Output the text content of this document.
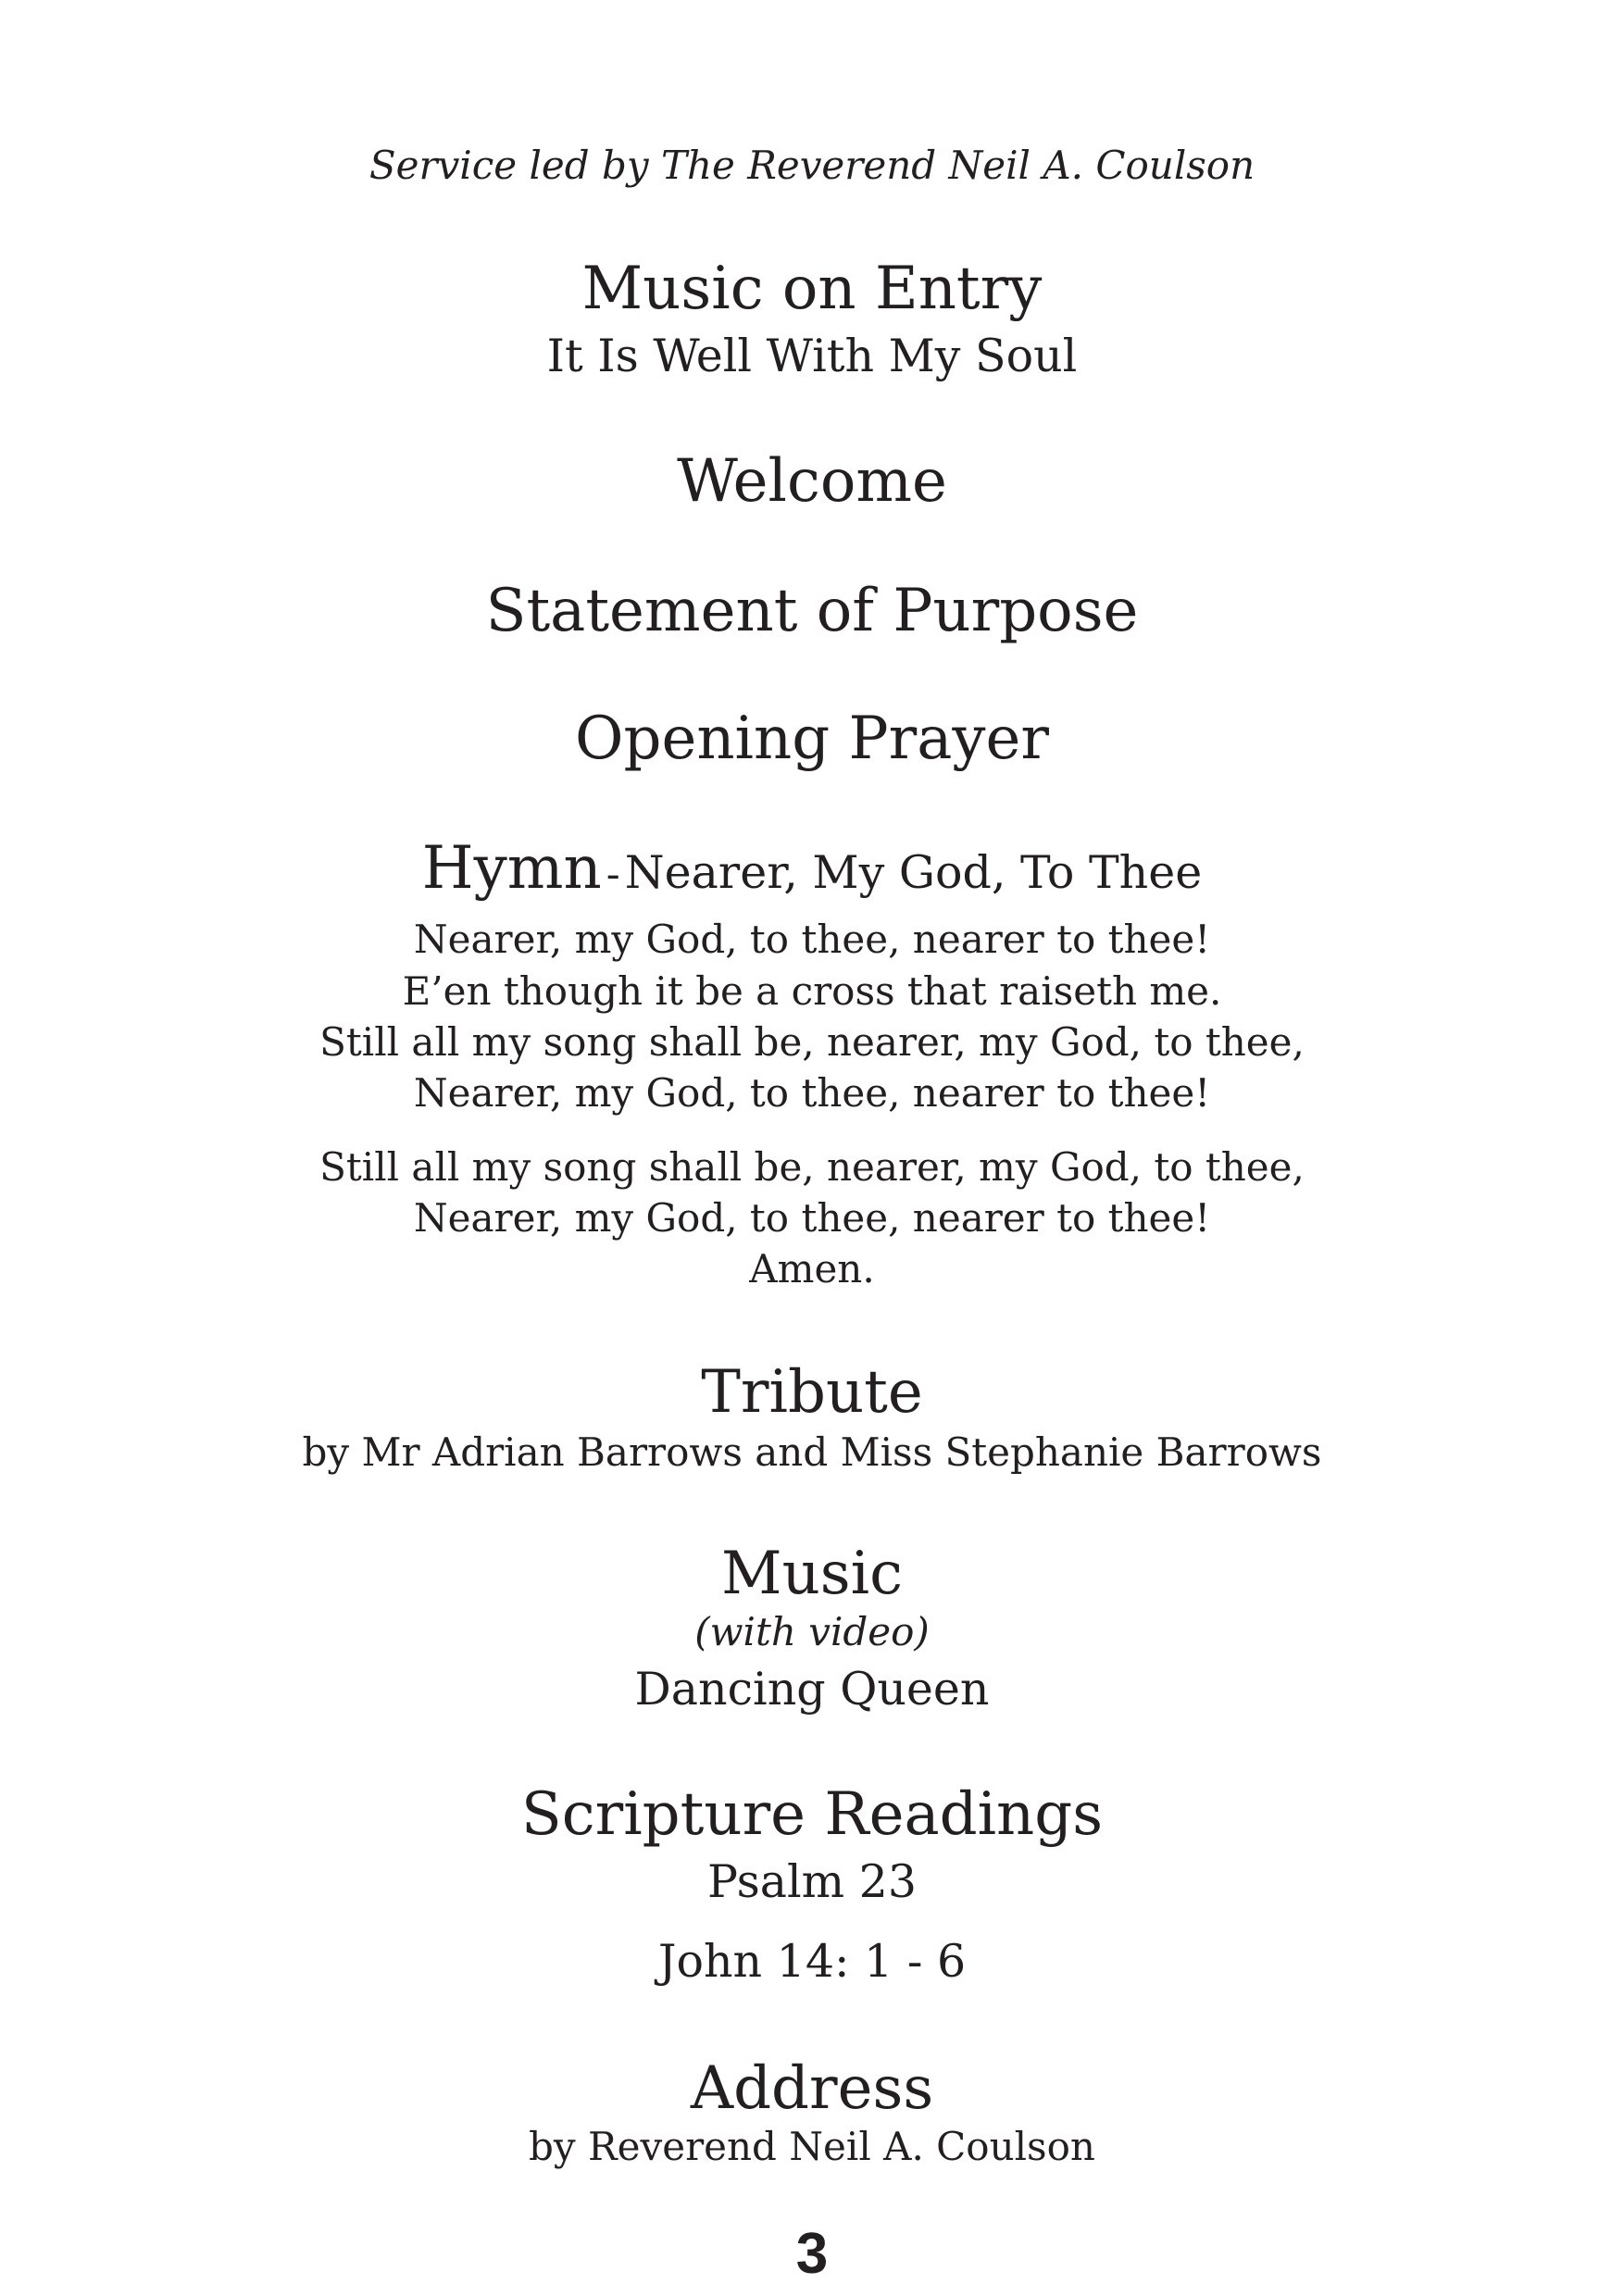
Service led by The Reverend Neil A. Coulson
Music on Entry
It Is Well With My Soul
Welcome
Statement of Purpose
Opening Prayer
Hymn - Nearer, My God, To Thee
Nearer, my God, to thee, nearer to thee!
E’en though it be a cross that raiseth me.
Still all my song shall be, nearer, my God, to thee,
Nearer, my God, to thee, nearer to thee!
Still all my song shall be, nearer, my God, to thee,
Nearer, my God, to thee, nearer to thee!
Amen.
Tribute
by Mr Adrian Barrows and Miss Stephanie Barrows
Music
(with video)
Dancing Queen
Scripture Readings
Psalm 23
John 14: 1 - 6
Address
by Reverend Neil A. Coulson
3
